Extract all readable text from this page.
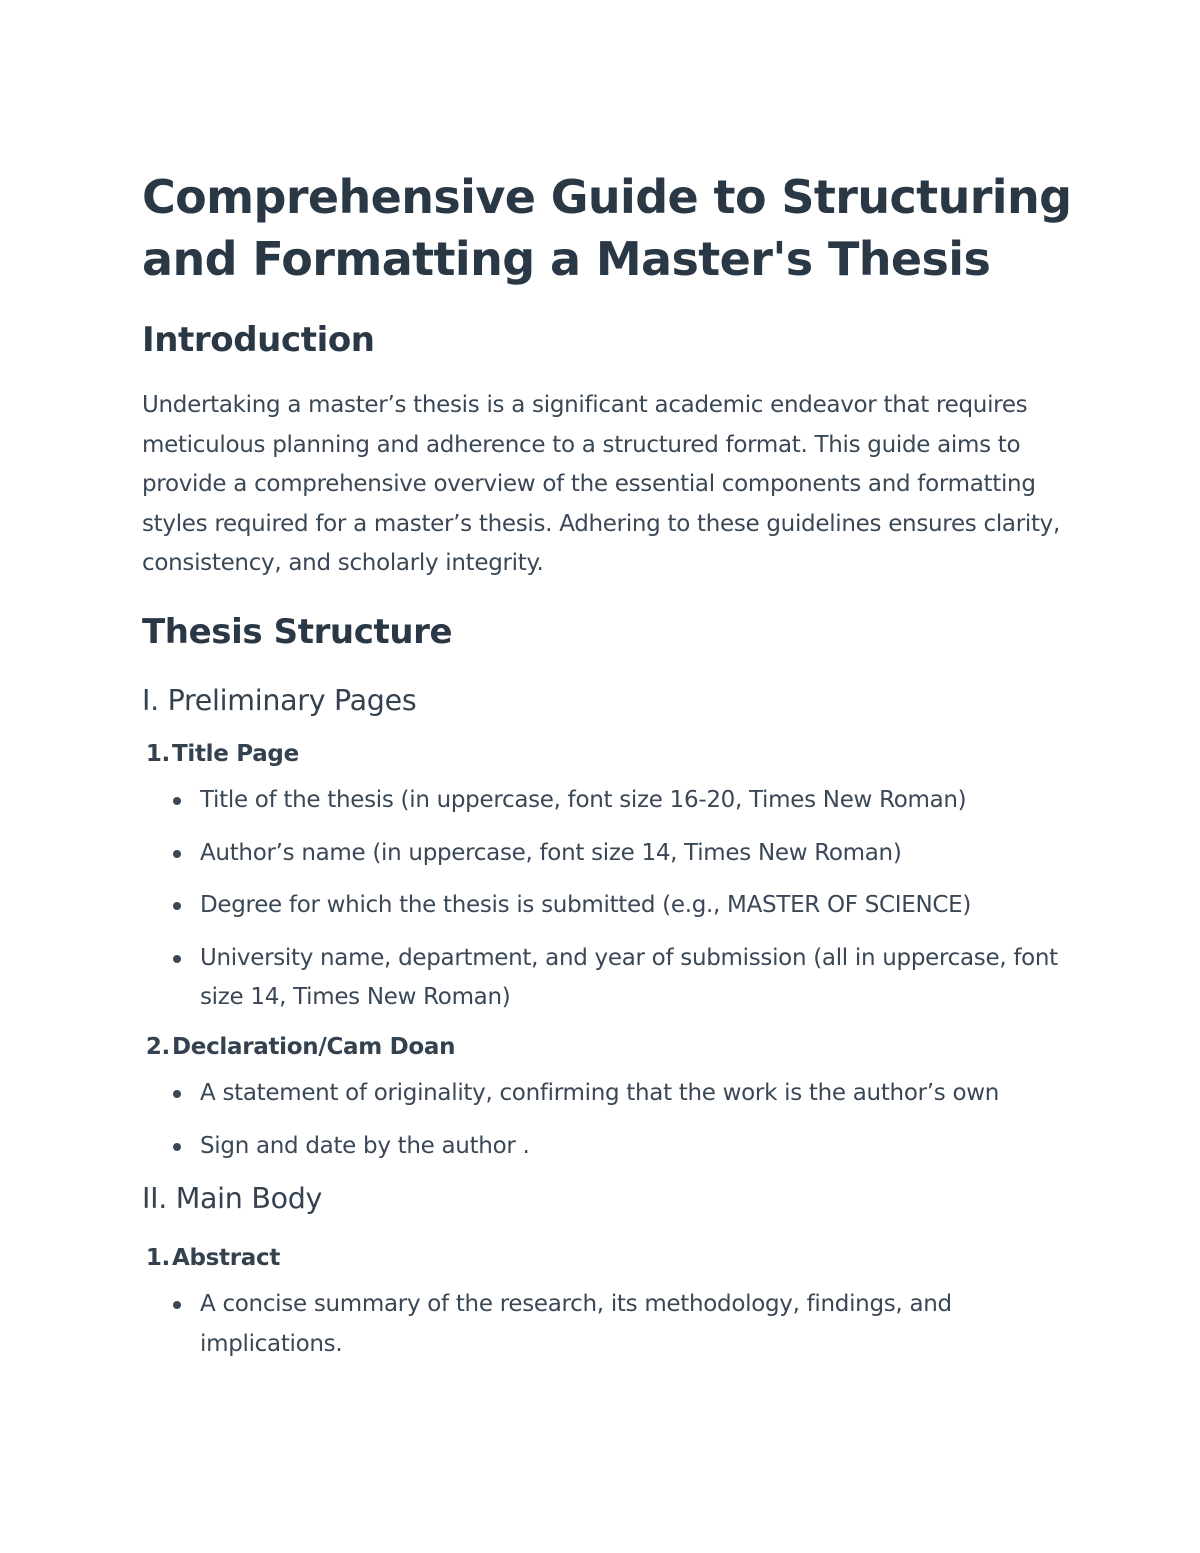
Comprehensive Guide to Structuring and Formatting a Master's Thesis
Introduction

Undertaking a master’s thesis is a significant academic endeavor that requires meticulous planning and adherence to a structured format. This guide aims to provide a comprehensive overview of the essential components and formatting styles required for a master’s thesis. Adhering to these guidelines ensures clarity, consistency, and scholarly integrity.

Thesis Structure
I. Preliminary Pages
1. Title Page
Title of the thesis (in uppercase, font size 16-20, Times New Roman)
Author’s name (in uppercase, font size 14, Times New Roman)
Degree for which the thesis is submitted (e.g., MASTER OF SCIENCE)
University name, department, and year of submission (all in uppercase, font size 14, Times New Roman)
2. Declaration/Cam Doan
A statement of originality, confirming that the work is the author’s own
Sign and date by the author .
II. Main Body
1. Abstract
A concise summary of the research, its methodology, findings, and implications.
